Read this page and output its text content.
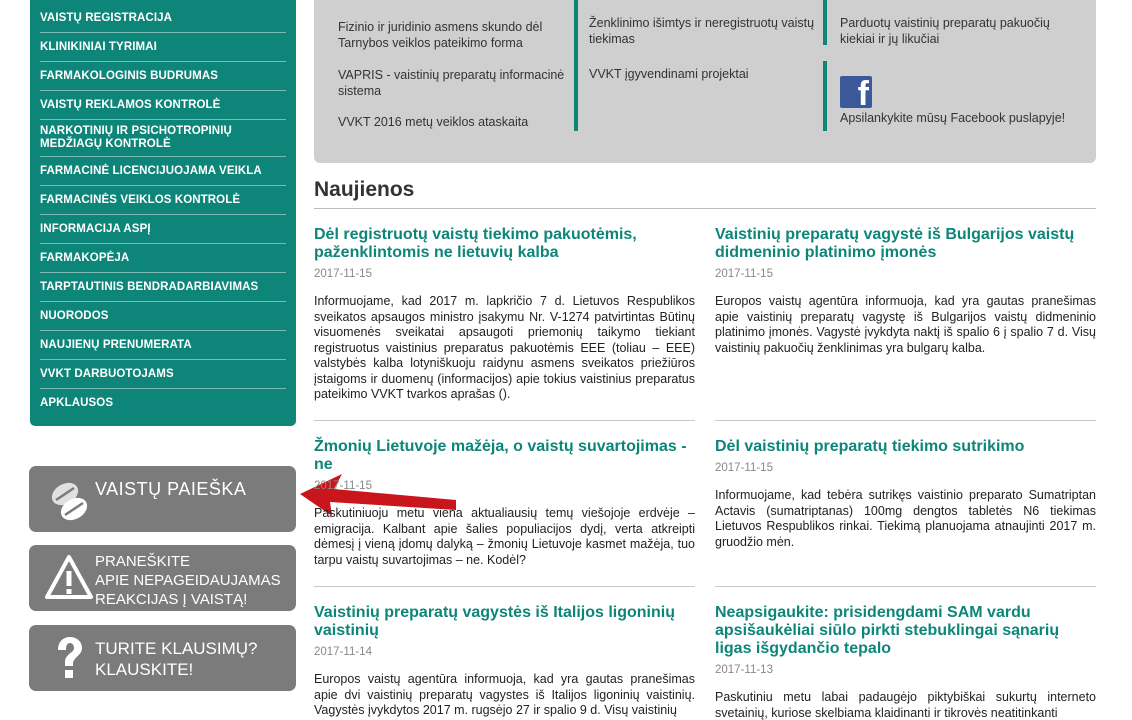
VAISTŲ REGISTRACIJA
KLINIKINIAI TYRIMAI
FARMAKOLOGINIS BUDRUMAS
VAISTŲ REKLAMOS KONTROLĖ
NARKOTINIŲ IR PSICHOTROPINIŲ MEDŽIAGŲ KONTROLĖ
FARMACINĖ LICENCIJUOJAMA VEIKLA
FARMACINĖS VEIKLOS KONTROLĖ
INFORMACIJA ASPĮ
FARMAKOPĖJA
TARPTAUTINIS BENDRADARBIAVIMAS
NUORODOS
NAUJIENŲ PRENUMERATA
VVKT DARBUOTOJAMS
APKLAUSOS
VAISTŲ PAIEŠKA
PRANEŠKITE
APIE NEPAGEIDAUJAMAS
REAKCIJAS Į VAISTĄ!
TURITE KLAUSIMŲ?
KLAUSKITE!
Fizinio ir juridinio asmens skundo dėl Tarnybos veiklos pateikimo forma
VAPRIS - vaistinių preparatų informacinė sistema
VVKT 2016 metų veiklos ataskaita
Ženklinimo išimtys ir neregistruotų vaistų tiekimas
VVKT įgyvendinami projektai
Parduotų vaistinių preparatų pakuočių kiekiai ir jų likučiai
f
Apsilankykite mūsų Facebook puslapyje!
Naujienos
Dėl registruotų vaistų tiekimo pakuotėmis, paženklintomis ne lietuvių kalba
2017-11-15
Informuojame, kad 2017 m. lapkričio 7 d. Lietuvos Respublikos sveikatos apsaugos ministro įsakymu Nr. V-1274 patvirtintas Būtinų visuomenės sveikatai apsaugoti priemonių taikymo tiekiant registruotus vaistinius preparatus pakuotėmis EEE (toliau – EEE) valstybės kalba lotyniškuoju raidynu asmens sveikatos priežiūros įstaigoms ir duomenų (informacijos) apie tokius vaistinius preparatus pateikimo VVKT tvarkos aprašas ().
Vaistinių preparatų vagystė iš Bulgarijos vaistų didmeninio platinimo įmonės
2017-11-15
Europos vaistų agentūra informuoja, kad yra gautas pranešimas apie vaistinių preparatų vagystę iš Bulgarijos vaistų didmeninio platinimo įmonės. Vagystė įvykdyta naktį iš spalio 6 į spalio 7 d. Visų vaistinių pakuočių ženklinimas yra bulgarų kalba.
Žmonių Lietuvoje mažėja, o vaistų suvartojimas - ne
2017-11-15
Paskutiniuoju metu viena aktualiausių temų viešojoje erdvėje – emigracija. Kalbant apie šalies populiacijos dydį, verta atkreipti dėmesį į vieną įdomų dalyką – žmonių Lietuvoje kasmet mažėja, tuo tarpu vaistų suvartojimas – ne. Kodėl?
Dėl vaistinių preparatų tiekimo sutrikimo
2017-11-15
Informuojame, kad tebėra sutrikęs vaistinio preparato Sumatriptan Actavis (sumatriptanas) 100mg dengtos tabletės N6 tiekimas Lietuvos Respublikos rinkai. Tiekimą planuojama atnaujinti 2017 m. gruodžio mėn.
Vaistinių preparatų vagystės iš Italijos ligoninių vaistinių
2017-11-14
Europos vaistų agentūra informuoja, kad yra gautas pranešimas apie dvi vaistinių preparatų vagystes iš Italijos ligoninių vaistinių. Vagystės įvykdytos 2017 m. rugsėjo 27 ir spalio 9 d. Visų vaistinių
Neapsigaukite: prisidengdami SAM vardu apsišaukėliai siūlo pirkti stebuklingai sąnarių ligas išgydančio tepalo
2017-11-13
Paskutiniu metu labai padaugėjo piktybiškai sukurtų interneto svetainių, kuriose skelbiama klaidinanti ir tikrovės neatitinkanti
